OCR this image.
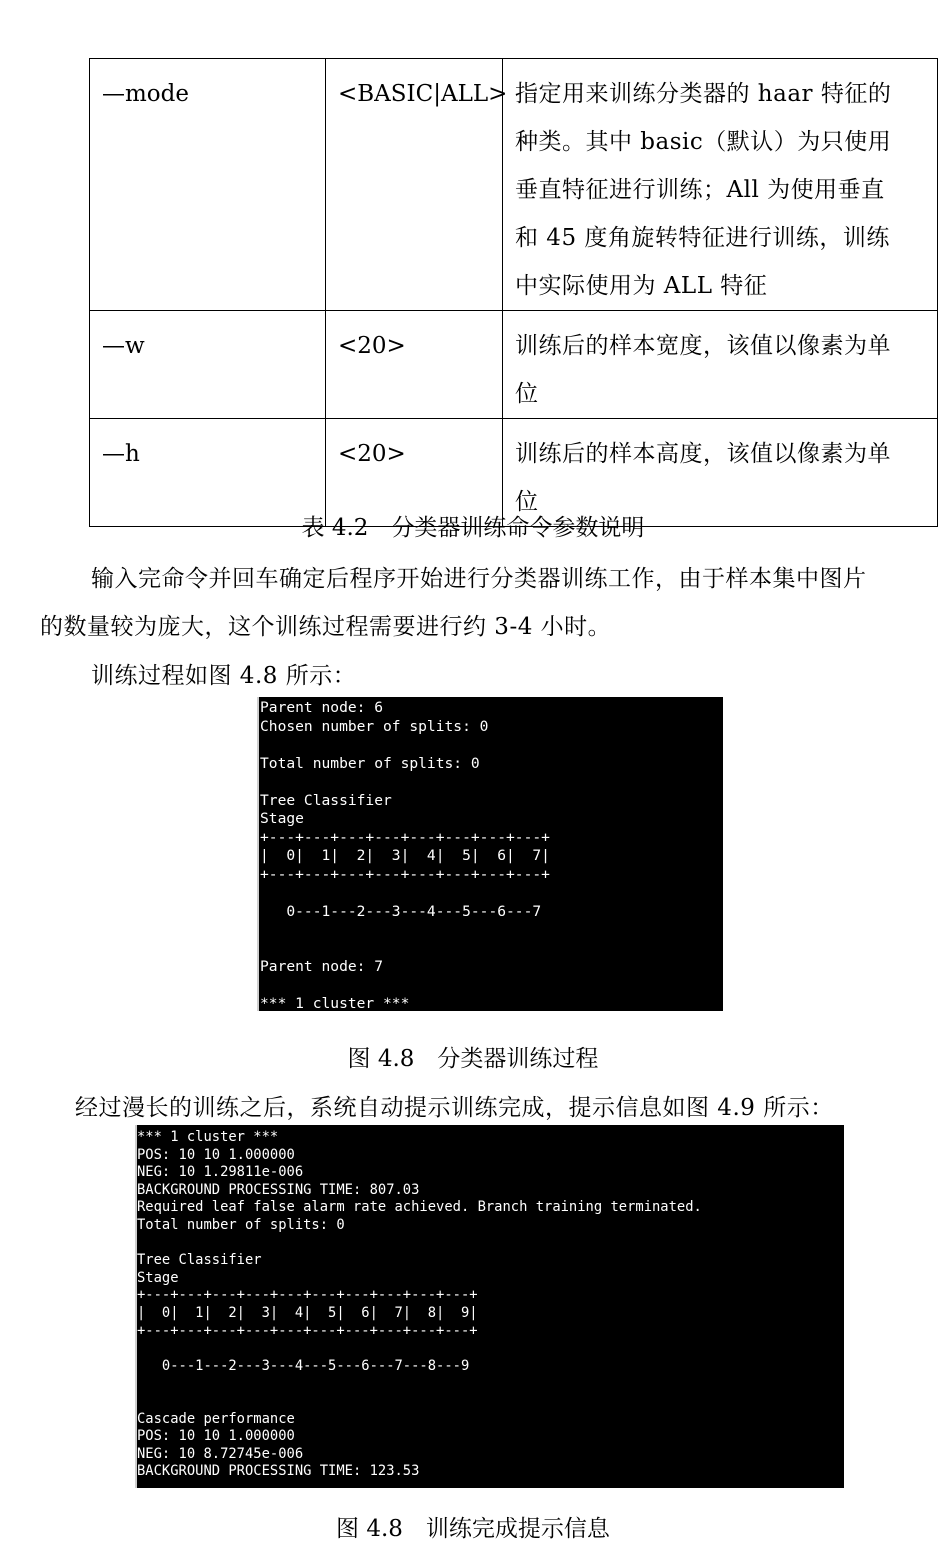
—mode	<BASIC|ALL>	指定用来训练分类器的 haar 特征的
种类。其中 basic（默认）为只使用
垂直特征进行训练；All 为使用垂直
和 45 度角旋转特征进行训练，训练
中实际使用为 ALL 特征

—w	<20>	训练后的样本宽度，该值以像素为单
位

—h	<20>	训练后的样本高度，该值以像素为单
位
表 4.2　分类器训练命令参数说明
输入完命令并回车确定后程序开始进行分类器训练工作，由于样本集中图片
的数量较为庞大，这个训练过程需要进行约 3-4 小时。
训练过程如图 4.8 所示：
Parent node: 6
Chosen number of splits: 0
Total number of splits: 0
Tree Classifier
Stage
+---+---+---+---+---+---+---+---+
|  0|  1|  2|  3|  4|  5|  6|  7|
+---+---+---+---+---+---+---+---+
0---1---2---3---4---5---6---7
Parent node: 7
*** 1 cluster ***
图 4.8　分类器训练过程
经过漫长的训练之后，系统自动提示训练完成，提示信息如图 4.9 所示：
*** 1 cluster ***
POS: 10 10 1.000000
NEG: 10 1.29811e-006
BACKGROUND PROCESSING TIME: 807.03
Required leaf false alarm rate achieved. Branch training terminated.
Total number of splits: 0
Tree Classifier
Stage
+---+---+---+---+---+---+---+---+---+---+
|  0|  1|  2|  3|  4|  5|  6|  7|  8|  9|
+---+---+---+---+---+---+---+---+---+---+
0---1---2---3---4---5---6---7---8---9
Cascade performance
POS: 10 10 1.000000
NEG: 10 8.72745e-006
BACKGROUND PROCESSING TIME: 123.53
图 4.8　训练完成提示信息
